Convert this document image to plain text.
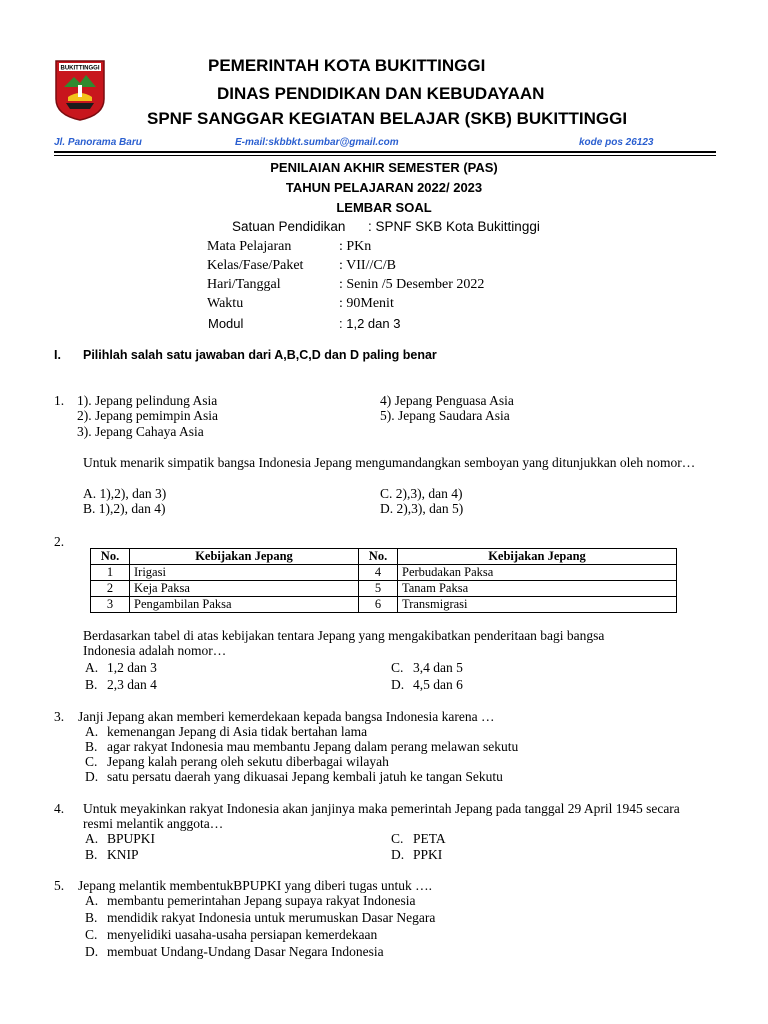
BUKITTINGGI	PEMERINTAH KOTA BUKITTINGGI
DINAS PENDIDIKAN DAN KEBUDAYAAN
SPNF SANGGAR KEGIATAN BELAJAR (SKB) BUKITTINGGI
Jl. Panorama Baru	E-mail:skbbkt.sumbar@gmail.com	kode pos 26123
PENILAIAN AKHIR SEMESTER (PAS)
TAHUN PELAJARAN 2022/ 2023
LEMBAR SOAL
Satuan Pendidikan : SPNF SKB Kota Bukittinggi
Mata Pelajaran	: PKn
Kelas/Fase/Paket	: VII//C/B
Hari/Tanggal	: Senin /5 Desember 2022
Waktu	: 90Menit
Modul	: 1,2 dan 3
I. Pilihlah salah satu jawaban dari A,B,C,D dan D paling benar
1. 1). Jepang pelindung Asia	4) Jepang Penguasa Asia
2). Jepang pemimpin Asia	5). Jepang Saudara Asia
3). Jepang Cahaya Asia
Untuk menarik simpatik bangsa Indonesia Jepang mengumandangkan semboyan yang ditunjukkan oleh nomor…
A. 1),2), dan 3)	C. 2),3), dan 4)
B. 1),2), dan 4)	D. 2),3), dan 5)
2.
No.	Kebijakan Jepang	No.	Kebijakan Jepang
1	Irigasi	4	Perbudakan Paksa
2	Keja Paksa	5	Tanam Paksa
3	Pengambilan Paksa	6	Transmigrasi
Berdasarkan tabel di atas kebijakan tentara Jepang yang mengakibatkan penderitaan bagi bangsa
Indonesia adalah nomor…
A. 1,2 dan 3	C. 3,4 dan 5
B. 2,3 dan 4	D. 4,5 dan 6
3. Janji Jepang akan memberi kemerdekaan kepada bangsa Indonesia karena …
A. kemenangan Jepang di Asia tidak bertahan lama
B. agar rakyat Indonesia mau membantu Jepang dalam perang melawan sekutu
C. Jepang kalah perang oleh sekutu diberbagai wilayah
D. satu persatu daerah yang dikuasai Jepang kembali jatuh ke tangan Sekutu
4. Untuk meyakinkan rakyat Indonesia akan janjinya maka pemerintah Jepang pada tanggal 29 April 1945 secara
resmi melantik anggota…
A. BPUPKI	C. PETA
B. KNIP	D. PPKI
5. Jepang melantik membentukBPUPKI yang diberi tugas untuk ….
A. membantu pemerintahan Jepang supaya rakyat Indonesia
B. mendidik rakyat Indonesia untuk merumuskan Dasar Negara
C. menyelidiki uasaha-usaha persiapan kemerdekaan
D. membuat Undang-Undang Dasar Negara Indonesia
